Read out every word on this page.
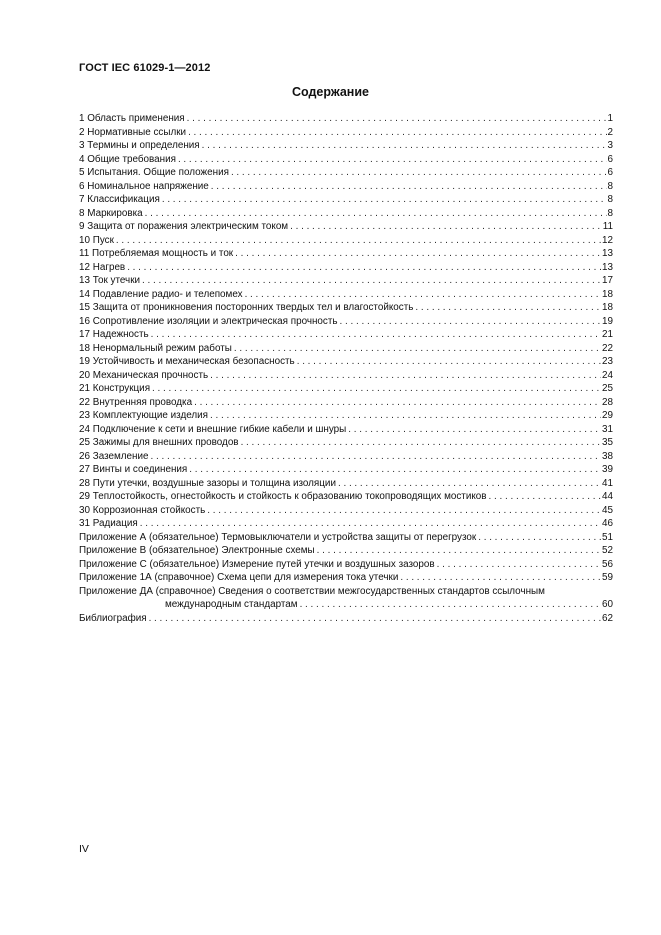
ГОСТ IEC 61029-1—2012
Содержание
1 Область применения . . .	1
2 Нормативные ссылки . . .	2
3 Термины и определения . . .	3
4 Общие требования . . .	6
5 Испытания. Общие положения . . .	6
6 Номинальное напряжение . . .	8
7 Классификация . . .	8
8 Маркировка . . .	8
9 Защита от поражения электрическим током . . .	11
10 Пуск . . .	12
11 Потребляемая мощность и ток . . .	13
12 Нагрев . . .	13
13 Ток утечки . . .	17
14 Подавление радио- и телепомех . . .	18
15 Защита от проникновения посторонних твердых тел и влагостойкость . . .	18
16 Сопротивление изоляции и электрическая прочность . . .	19
17 Надежность . . .	21
18 Ненормальный режим работы . . .	22
19 Устойчивость и механическая безопасность . . .	23
20 Механическая прочность . . .	24
21 Конструкция . . .	25
22 Внутренняя проводка . . .	28
23 Комплектующие изделия . . .	29
24 Подключение к сети и внешние гибкие кабели и шнуры . . .	31
25 Зажимы для внешних проводов . . .	35
26 Заземление . . .	38
27 Винты и соединения . . .	39
28 Пути утечки, воздушные зазоры и толщина изоляции . . .	41
29 Теплостойкость, огнестойкость и стойкость к образованию токопроводящих мостиков . . .	44
30 Коррозионная стойкость . . .	45
31 Радиация . . .	46
Приложение А (обязательное) Термовыключатели и устройства защиты от перегрузок . . .	51
Приложение В (обязательное) Электронные схемы . . .	52
Приложение С (обязательное) Измерение путей утечки и воздушных зазоров . . .	56
Приложение 1А (справочное) Схема цепи для измерения тока утечки . . .	59
Приложение ДА (справочное) Сведения о соответствии межгосударственных стандартов ссылочным
международным стандартам . . .	60
Библиография . . .	62
IV
